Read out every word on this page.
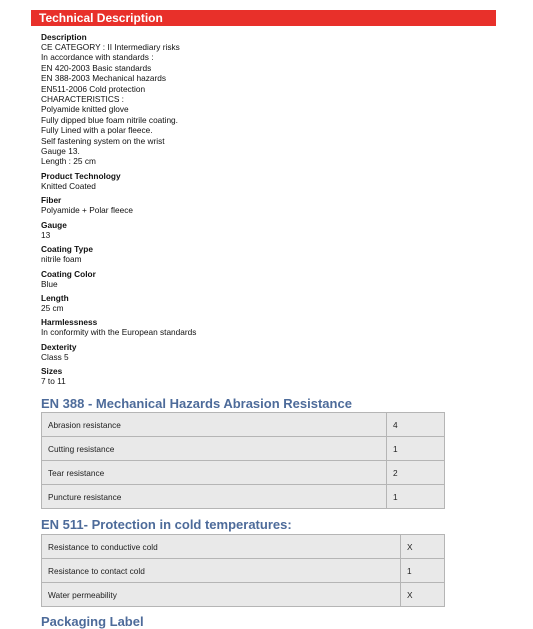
Technical Description

Description

CE CATEGORY : II Intermediary risks

In accordance with standards :

EN 420-2003 Basic standards

EN 388-2003 Mechanical hazards

EN511-2006 Cold protection

CHARACTERISTICS :

Polyamide knitted glove

Fully dipped blue foam nitrile coating.

Fully Lined with a polar fleece.

Self fastening system on the wrist

Gauge 13.

Length : 25 cm

Product Technology

Knitted Coated

Fiber

Polyamide + Polar fleece

Gauge

13

Coating Type

nitrile foam

Coating Color

Blue

Length

25 cm

Harmlessness

In conformity with the European standards

Dexterity

Class 5

Sizes

7 to 11

EN 388 - Mechanical Hazards Abrasion Resistance
Abrasion resistance	4
Cutting resistance	1
Tear resistance	2
Puncture resistance	1
EN 511- Protection in cold temperatures:
Resistance to conductive cold	X
Resistance to contact cold	1
Water permeability	X
Packaging Label
